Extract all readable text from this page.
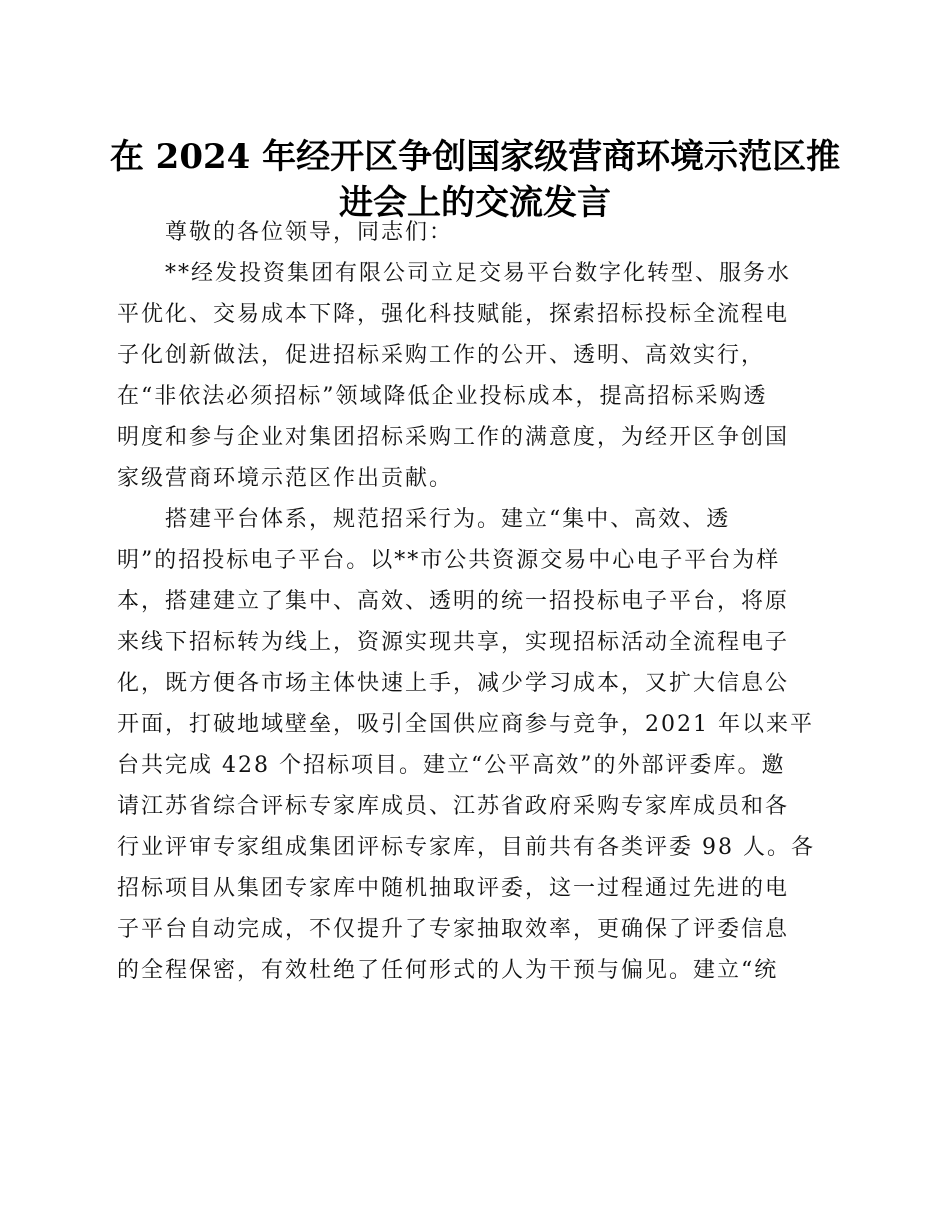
在 2024 年经开区争创国家级营商环境示范区推
进会上的交流发言
尊敬的各位领导，同志们：
**经发投资集团有限公司立足交易平台数字化转型、服务水
平优化、交易成本下降，强化科技赋能，探索招标投标全流程电
子化创新做法，促进招标采购工作的公开、透明、高效实行，
在“非依法必须招标”领域降低企业投标成本，提高招标采购透
明度和参与企业对集团招标采购工作的满意度，为经开区争创国
家级营商环境示范区作出贡献。
搭建平台体系，规范招采行为。建立“集中、高效、透
明”的招投标电子平台。以**市公共资源交易中心电子平台为样
本，搭建建立了集中、高效、透明的统一招投标电子平台，将原
来线下招标转为线上，资源实现共享，实现招标活动全流程电子
化，既方便各市场主体快速上手，减少学习成本，又扩大信息公
开面，打破地域壁垒，吸引全国供应商参与竞争，2021 年以来平
台共完成 428 个招标项目。建立“公平高效”的外部评委库。邀
请江苏省综合评标专家库成员、江苏省政府采购专家库成员和各
行业评审专家组成集团评标专家库，目前共有各类评委 98 人。各
招标项目从集团专家库中随机抽取评委，这一过程通过先进的电
子平台自动完成，不仅提升了专家抽取效率，更确保了评委信息
的全程保密，有效杜绝了任何形式的人为干预与偏见。建立“统
